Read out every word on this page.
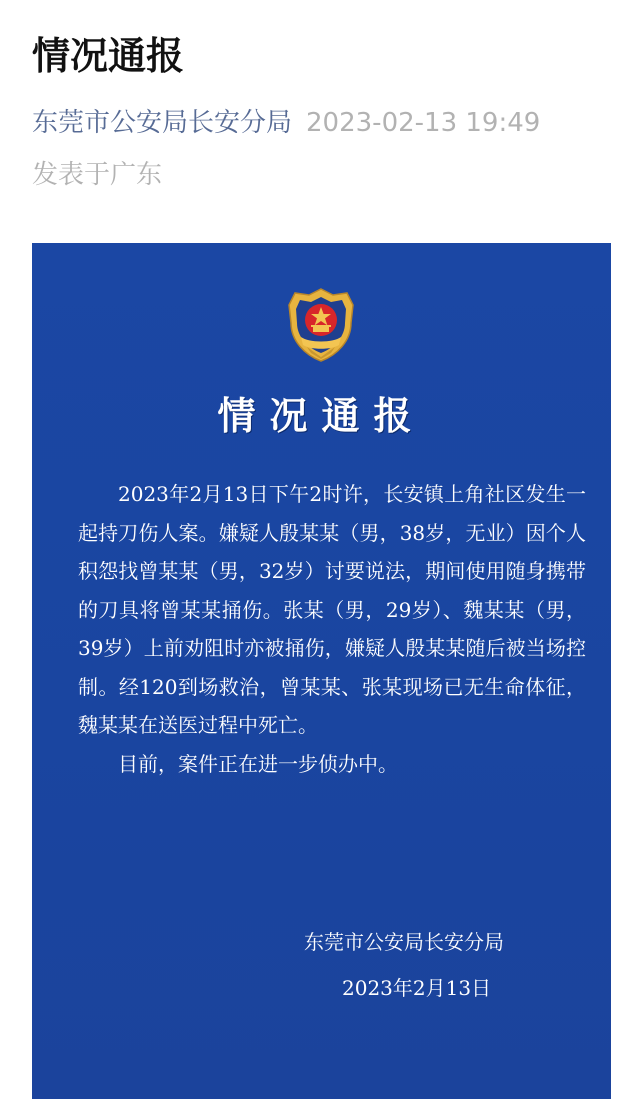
情况通报
东莞市公安局长安分局 2023-02-13 19:49
发表于广东
情况通报

2023年2月13日下午2时许，长安镇上角社区发生一起持刀伤人案。嫌疑人殷某某（男，38岁，无业）因个人积怨找曾某某（男，32岁）讨要说法，期间使用随身携带的刀具将曾某某捅伤。张某（男，29岁）、魏某某（男，39岁）上前劝阻时亦被捅伤，嫌疑人殷某某随后被当场控制。经120到场救治，曾某某、张某现场已无生命体征，魏某某在送医过程中死亡。

目前，案件正在进一步侦办中。

东莞市公安局长安分局
2023年2月13日
